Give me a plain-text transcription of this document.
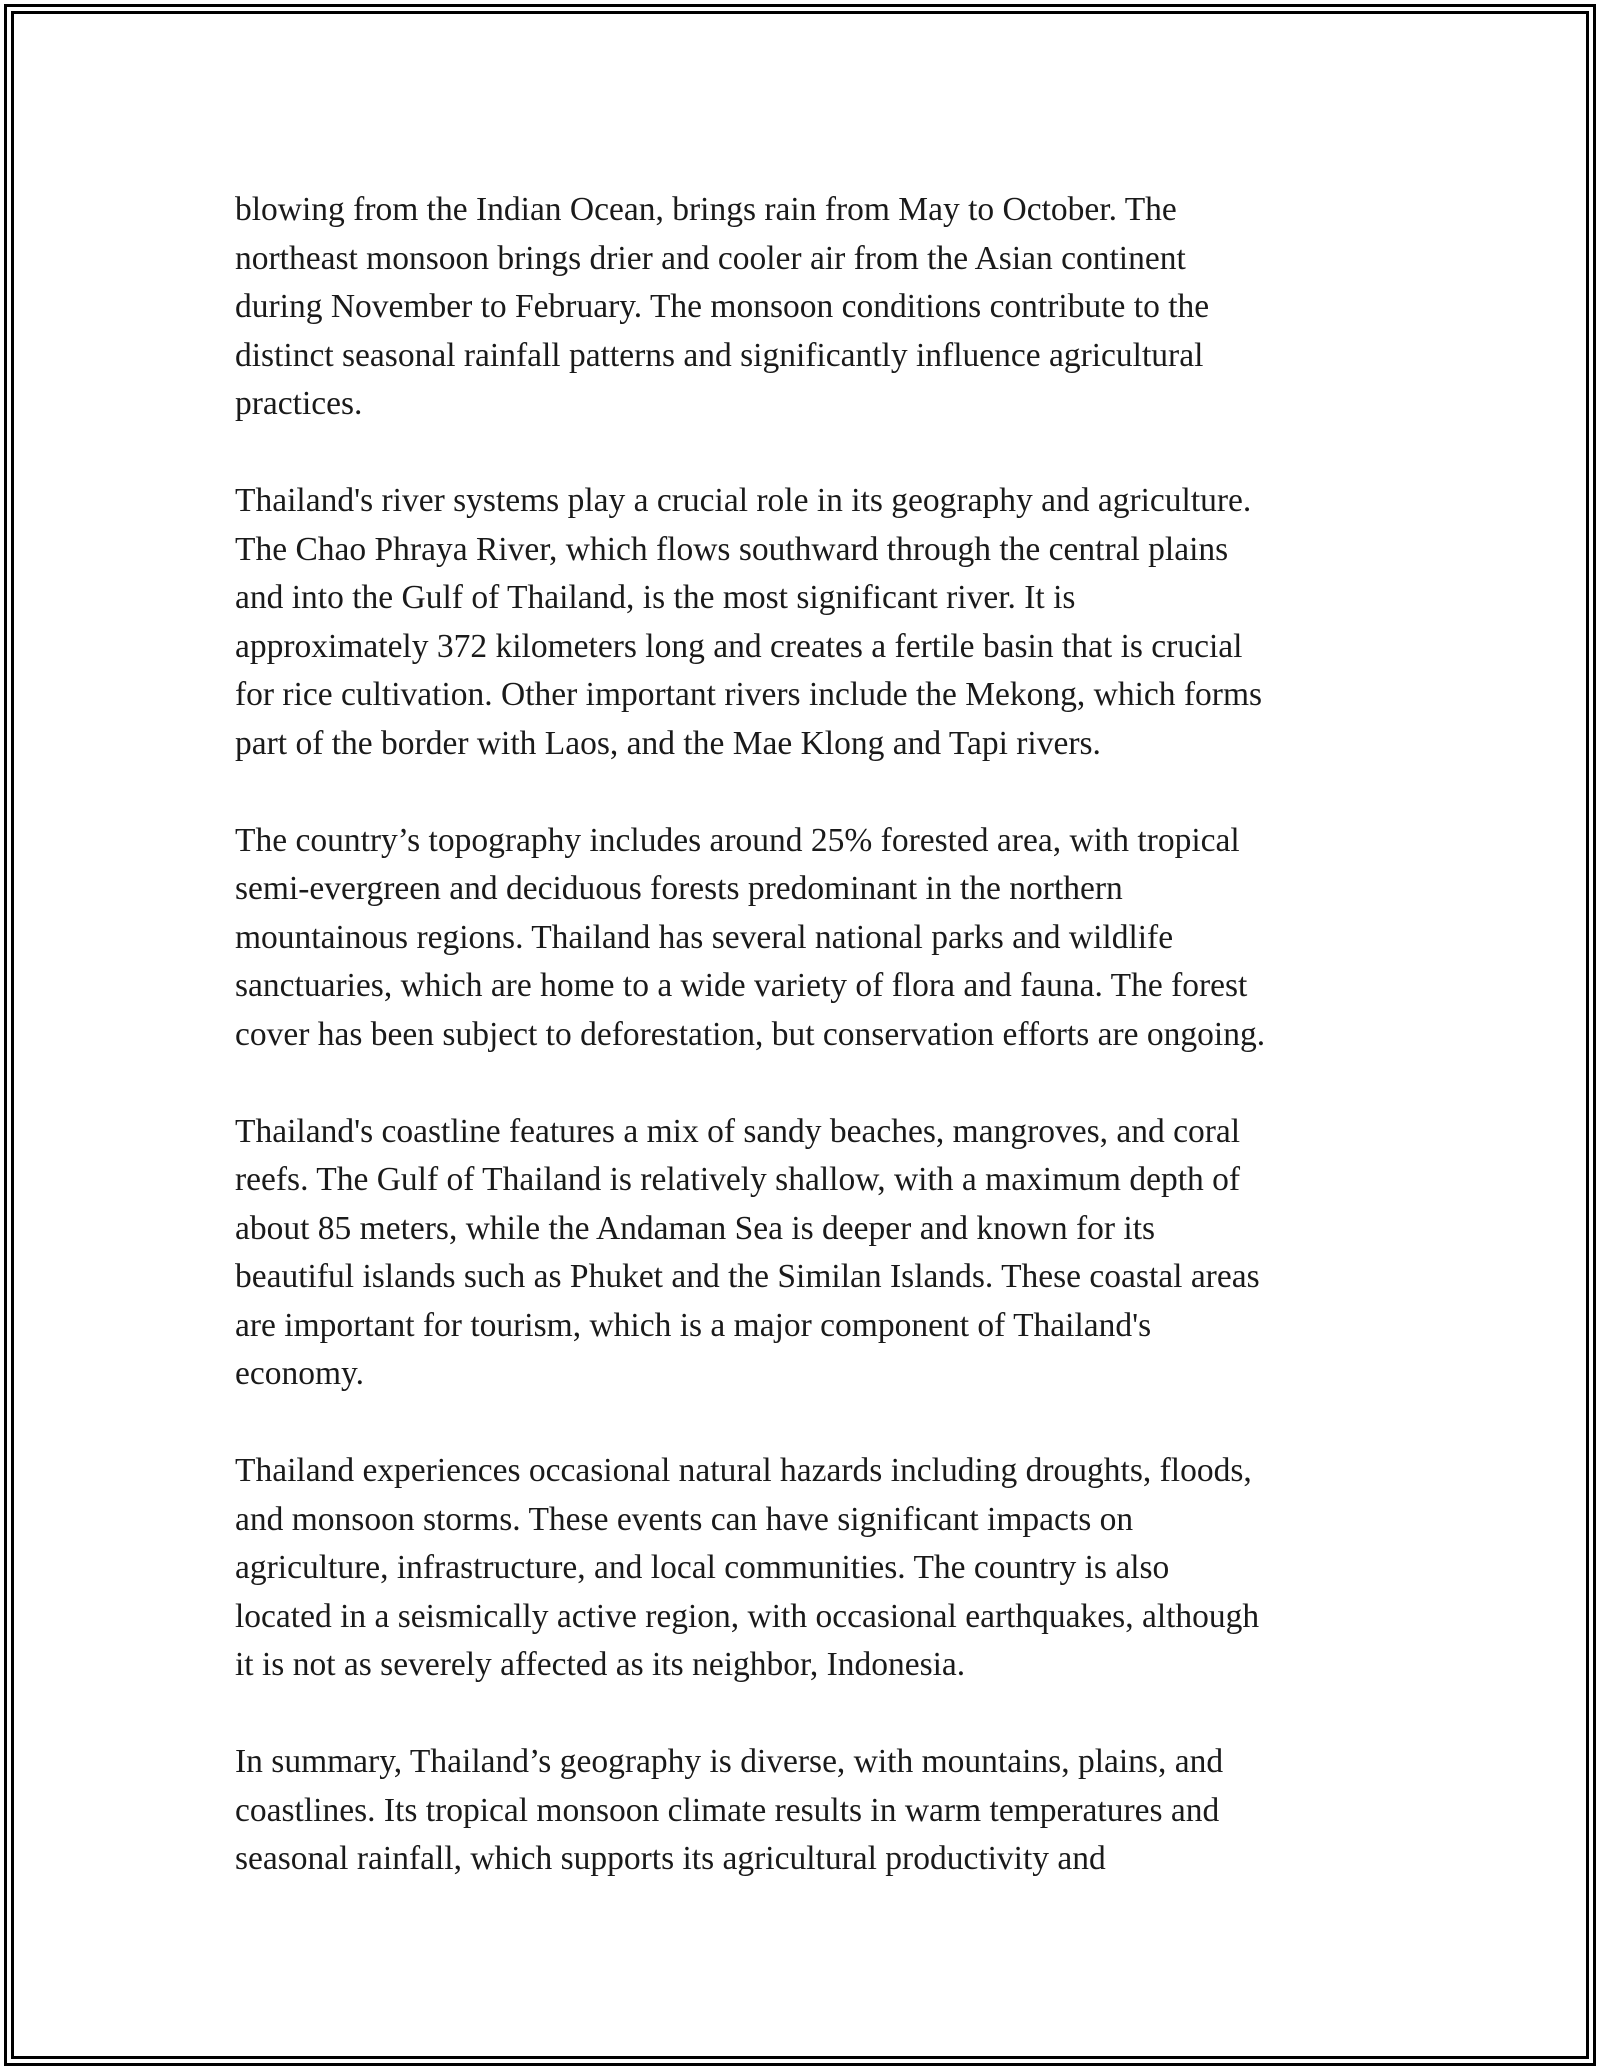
blowing from the Indian Ocean, brings rain from May to October. The
northeast monsoon brings drier and cooler air from the Asian continent
during November to February. The monsoon conditions contribute to the
distinct seasonal rainfall patterns and significantly influence agricultural
practices.

Thailand's river systems play a crucial role in its geography and agriculture.
The Chao Phraya River, which flows southward through the central plains
and into the Gulf of Thailand, is the most significant river. It is
approximately 372 kilometers long and creates a fertile basin that is crucial
for rice cultivation. Other important rivers include the Mekong, which forms
part of the border with Laos, and the Mae Klong and Tapi rivers.

The country’s topography includes around 25% forested area, with tropical
semi-evergreen and deciduous forests predominant in the northern
mountainous regions. Thailand has several national parks and wildlife
sanctuaries, which are home to a wide variety of flora and fauna. The forest
cover has been subject to deforestation, but conservation efforts are ongoing.

Thailand's coastline features a mix of sandy beaches, mangroves, and coral
reefs. The Gulf of Thailand is relatively shallow, with a maximum depth of
about 85 meters, while the Andaman Sea is deeper and known for its
beautiful islands such as Phuket and the Similan Islands. These coastal areas
are important for tourism, which is a major component of Thailand's
economy.

Thailand experiences occasional natural hazards including droughts, floods,
and monsoon storms. These events can have significant impacts on
agriculture, infrastructure, and local communities. The country is also
located in a seismically active region, with occasional earthquakes, although
it is not as severely affected as its neighbor, Indonesia.

In summary, Thailand’s geography is diverse, with mountains, plains, and
coastlines. Its tropical monsoon climate results in warm temperatures and
seasonal rainfall, which supports its agricultural productivity and
